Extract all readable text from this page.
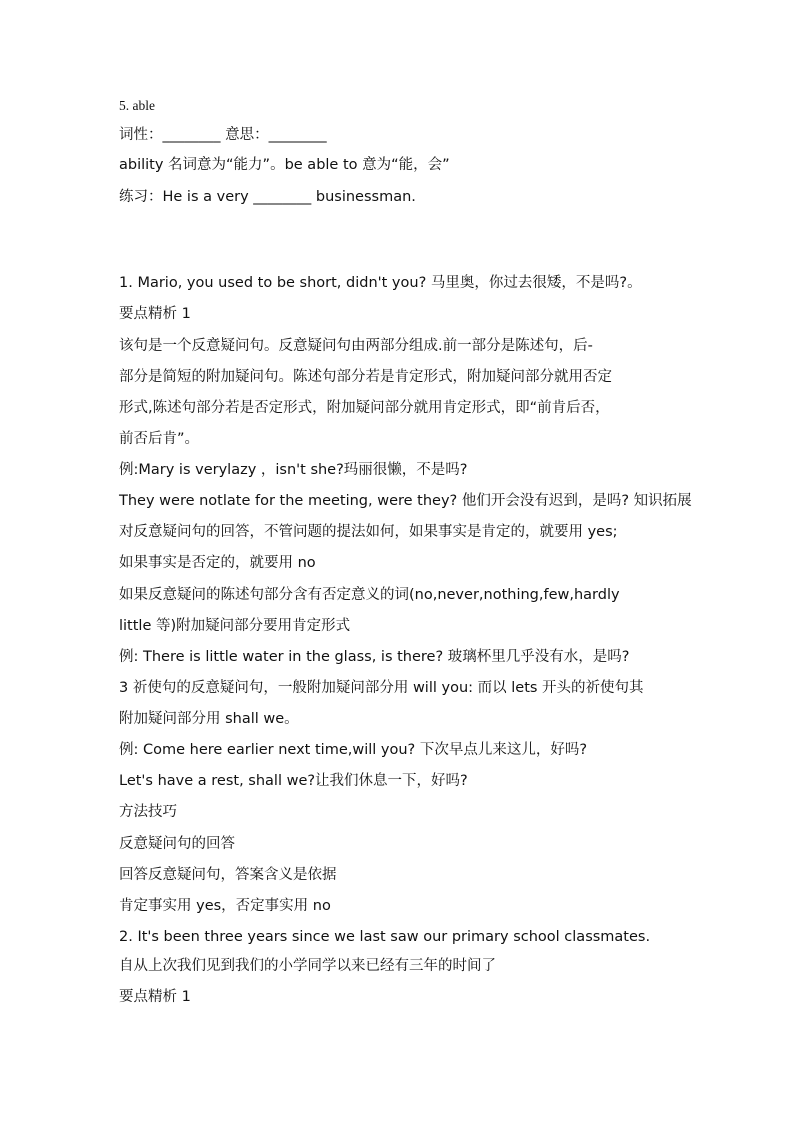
5. able
词性：________ 意思：________
ability 名词意为“能力”。be able to 意为“能，会”
练习：He is a very ________ businessman.
1. Mario, you used to be short, didn't you? 马里奥，你过去很矮，不是吗?。
要点精析 1
该句是一个反意疑问句。反意疑问句由两部分组成.前一部分是陈述句，后-
部分是简短的附加疑问句。陈述句部分若是肯定形式，附加疑问部分就用否定
形式,陈述句部分若是否定形式，附加疑问部分就用肯定形式，即“前肯后否，
前否后肯”。
例:Mary is verylazy ，isn't she?玛丽很懒，不是吗?
They were notlate for the meeting, were they? 他们开会没有迟到，是吗? 知识拓展
对反意疑问句的回答，不管问题的提法如何，如果事实是肯定的，就要用 yes;
如果事实是否定的，就要用 no
如果反意疑问的陈述句部分含有否定意义的词(no,never,nothing,few,hardly
little 等)附加疑问部分要用肯定形式
例: There is little water in the glass, is there? 玻璃杯里几乎没有水，是吗?
3 祈使句的反意疑问句，一般附加疑问部分用 will you: 而以 lets 开头的祈使句其
附加疑问部分用 shall we。
例: Come here earlier next time,will you? 下次早点儿来这儿，好吗?
Let's have a rest, shall we?让我们休息一下，好吗?
方法技巧
反意疑问句的回答
回答反意疑问句，答案含义是依据
肯定事实用 yes，否定事实用 no
2. It's been three years since we last saw our primary school classmates.
自从上次我们见到我们的小学同学以来已经有三年的时间了
要点精析 1
